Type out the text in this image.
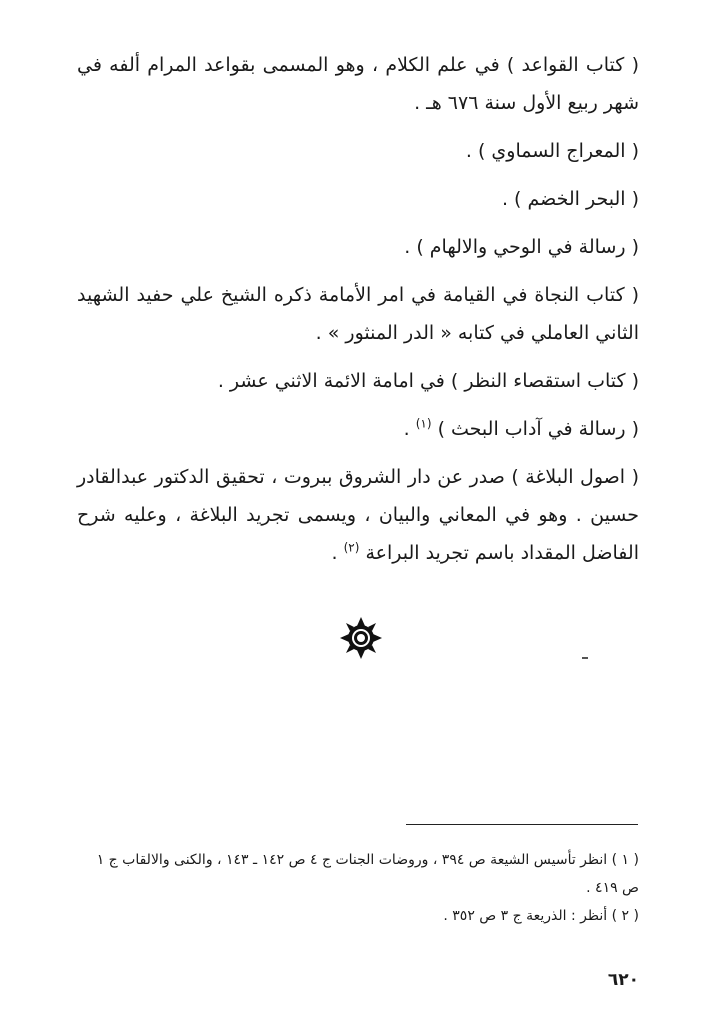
( كتاب القواعد ) في علم الكلام ، وهو المسمى بقواعد المرام ألفه في شهر ربيع الأول سنة ٦٧٦ هـ .

( المعراج السماوي ) .

( البحر الخضم ) .

( رسالة في الوحي والالهام ) .

( كتاب النجاة في القيامة في امر الأمامة ذكره الشيخ علي حفيد الشهيد الثاني العاملي في كتابه « الدر المنثور » .

( كتاب استقصاء النظر ) في امامة الائمة الاثني عشر .

( رسالة في آداب البحث ) $^{(١)}$ .

( اصول البلاغة ) صدر عن دار الشروق ببروت ، تحقيق الدكتور عبدالقادر حسين . وهو في المعاني والبيان ، ويسمى تجريد البلاغة ، وعليه شرح الفاضل المقداد باسم تجريد البراعة $^{(٢)}$ .

( ١ ) انظر تأسيس الشيعة ص ٣٩٤ ، وروضات الجنات ج ٤ ص ١٤٢ ـ ١٤٣ ، والكنى والالقاب ج ١ ص ٤١٩ .

( ٢ ) أنظر : الذريعة ج ٣ ص ٣٥٢ .

٦٢٠
